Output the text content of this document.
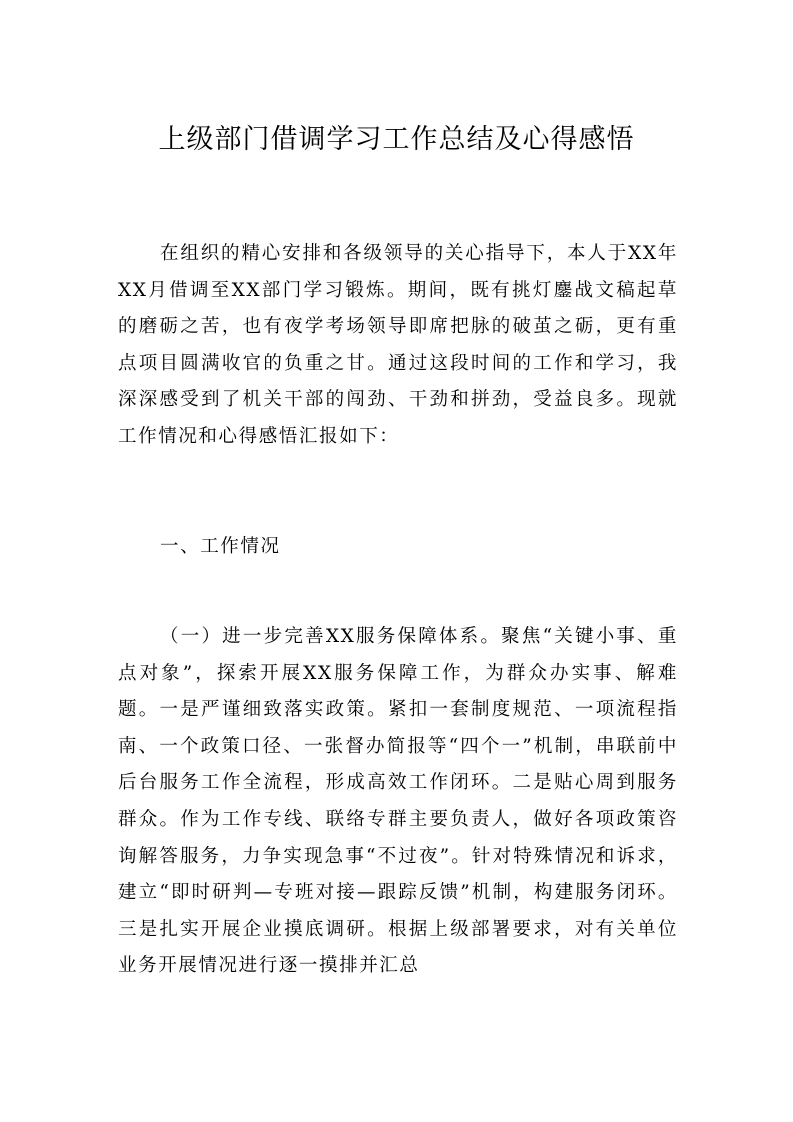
上级部门借调学习工作总结及心得感悟

在组织的精心安排和各级领导的关心指导下，本人于XX年XX月借调至XX部门学习锻炼。期间，既有挑灯鏖战文稿起草的磨砺之苦，也有夜学考场领导即席把脉的破茧之砺，更有重点项目圆满收官的负重之甘。通过这段时间的工作和学习，我深深感受到了机关干部的闯劲、干劲和拼劲，受益良多。现就工作情况和心得感悟汇报如下：

一、工作情况

（一）进一步完善XX服务保障体系。聚焦“关键小事、重点对象”，探索开展XX服务保障工作，为群众办实事、解难题。一是严谨细致落实政策。紧扣一套制度规范、一项流程指南、一个政策口径、一张督办简报等“四个一”机制，串联前中后台服务工作全流程，形成高效工作闭环。二是贴心周到服务群众。作为工作专线、联络专群主要负责人，做好各项政策咨询解答服务，力争实现急事“不过夜”。针对特殊情况和诉求，建立“即时研判—专班对接—跟踪反馈”机制，构建服务闭环。三是扎实开展企业摸底调研。根据上级部署要求，对有关单位业务开展情况进行逐一摸排并汇总
